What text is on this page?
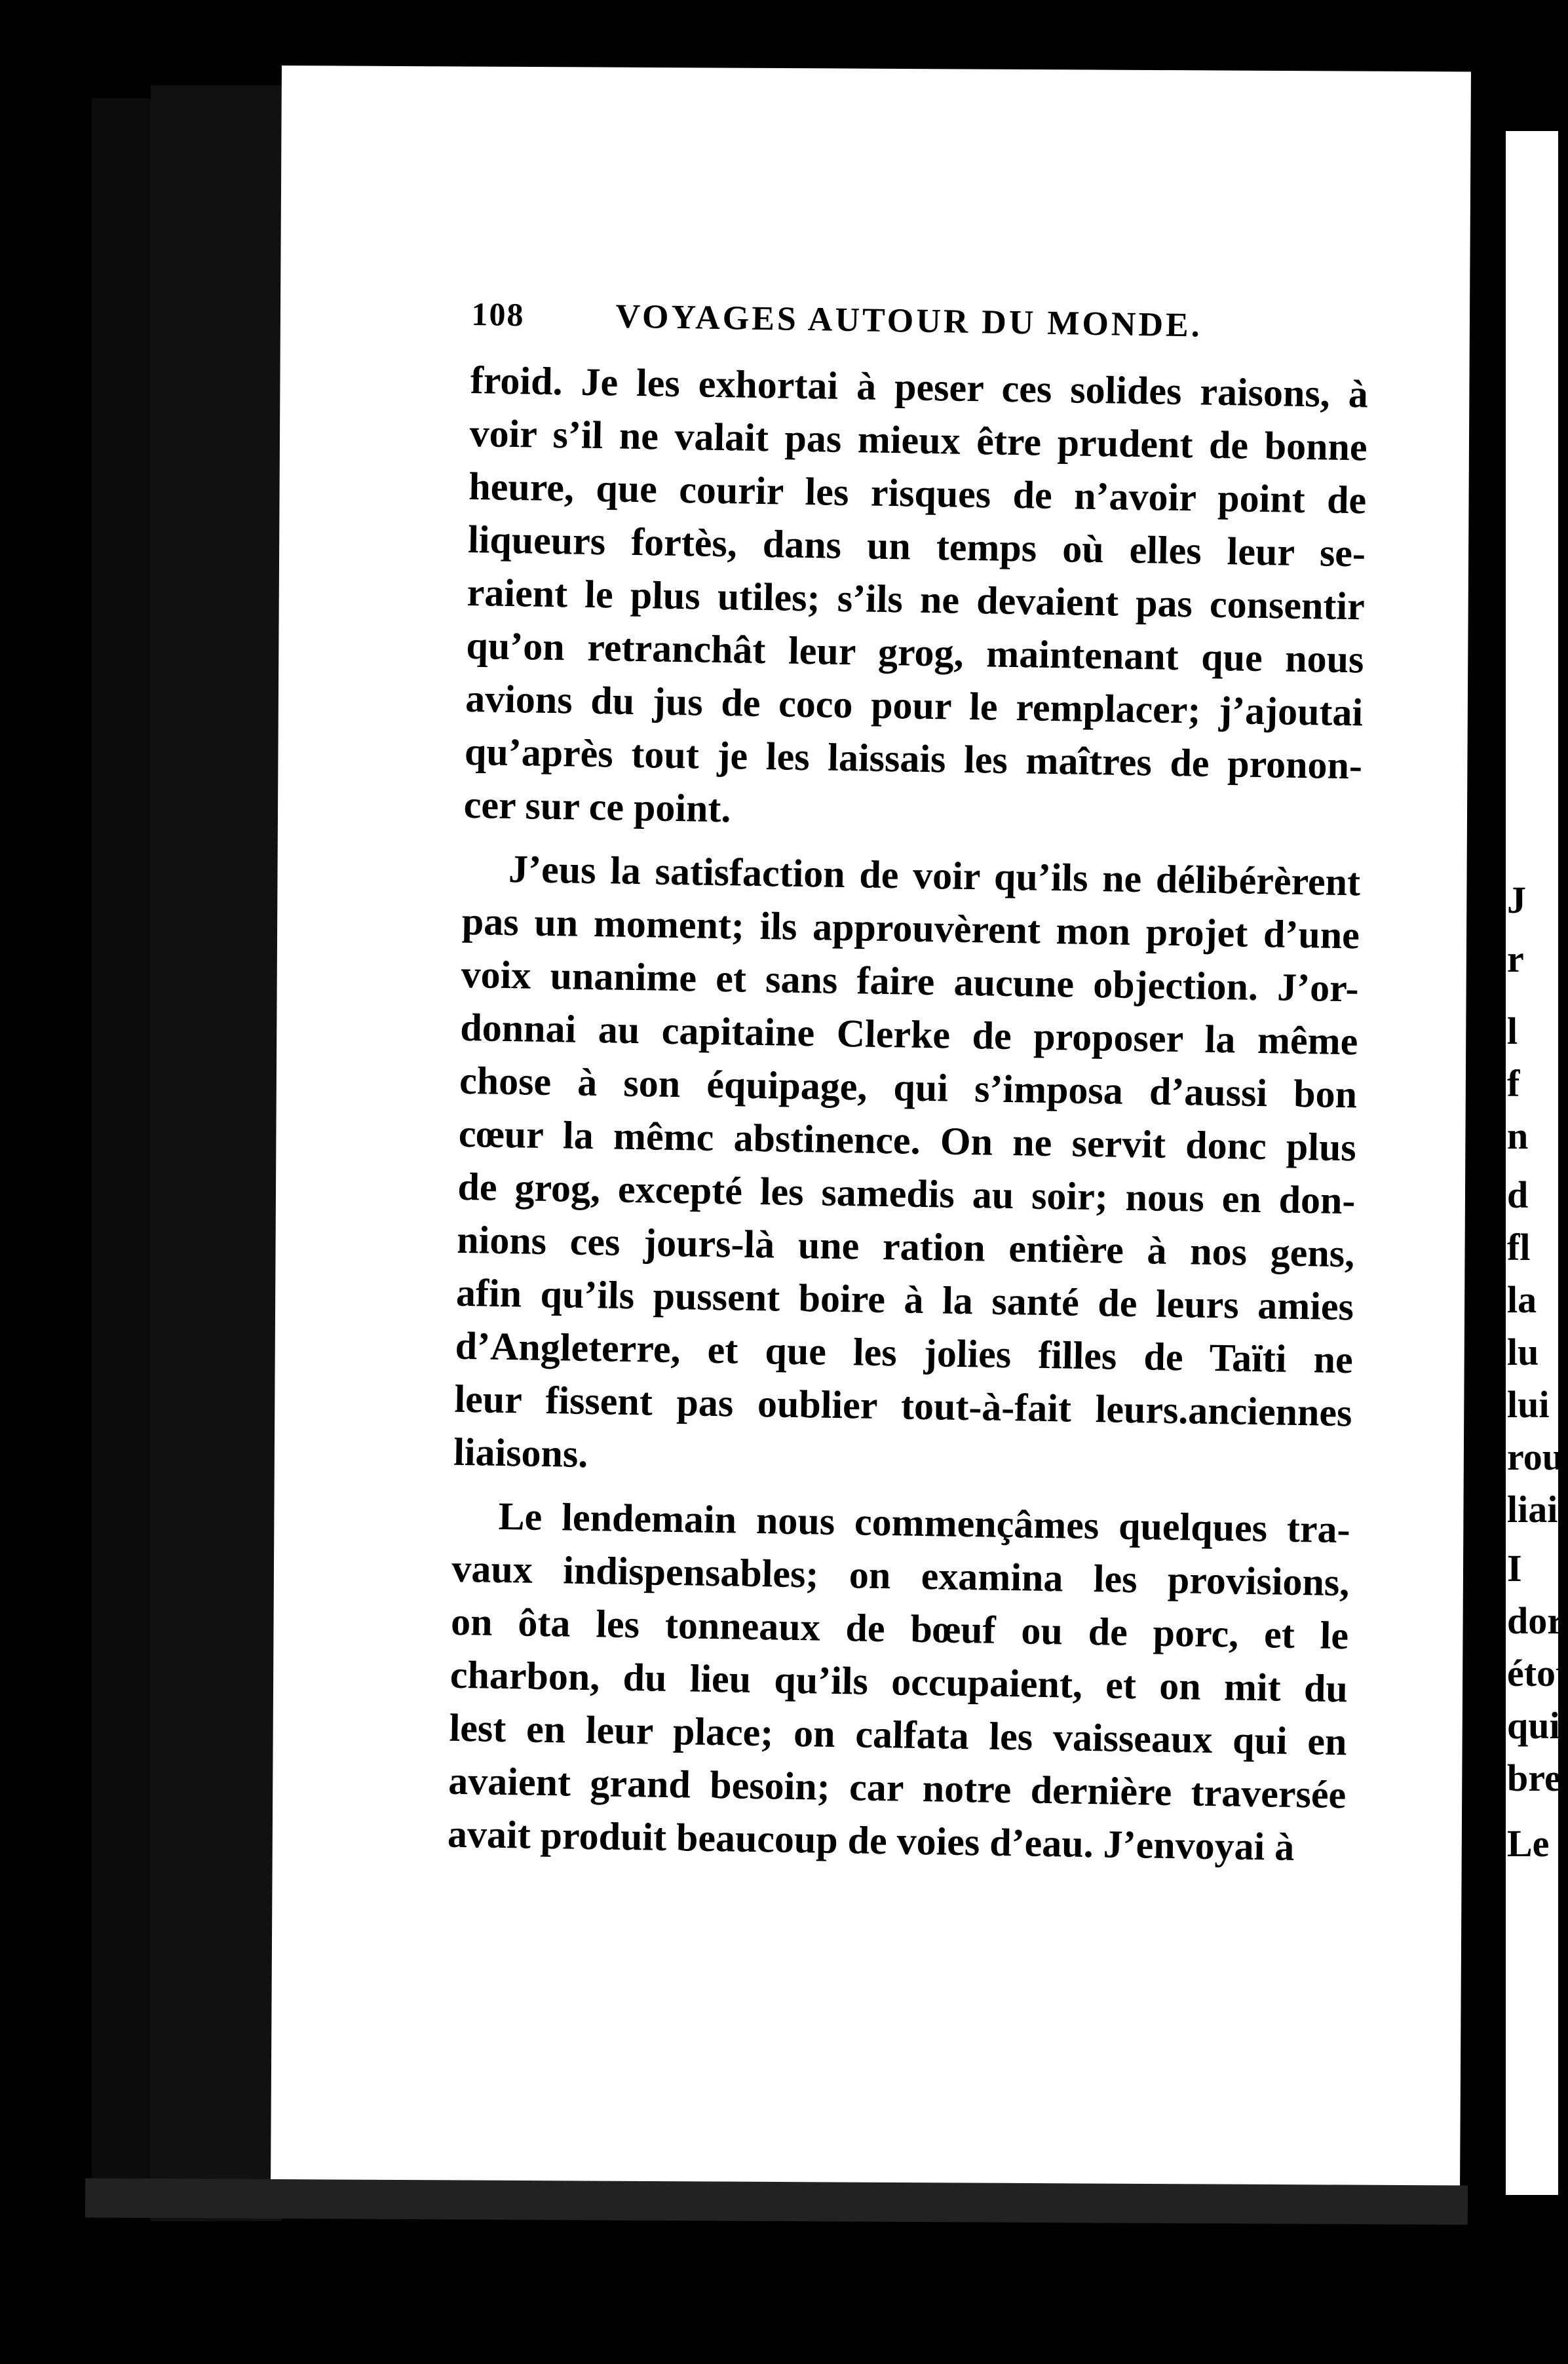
108	VOYAGES AUTOUR DU MONDE.
froid. Je les exhortai à peser ces solides raisons, à
voir s’il ne valait pas mieux être prudent de bonne
heure, que courir les risques de n’avoir point de
liqueurs fortès, dans un temps où elles leur se-
raient le plus utiles; s’ils ne devaient pas consentir
qu’on retranchât leur grog, maintenant que nous
avions du jus de coco pour le remplacer; j’ajoutai
qu’après tout je les laissais les maîtres de pronon-
cer sur ce point.
J’eus la satisfaction de voir qu’ils ne délibérèrent
pas un moment; ils approuvèrent mon projet d’une
voix unanime et sans faire aucune objection. J’or-
donnai au capitaine Clerke de proposer la même
chose à son équipage, qui s’imposa d’aussi bon
cœur la mêmc abstinence. On ne servit donc plus
de grog, excepté les samedis au soir; nous en don-
nions ces jours-là une ration entière à nos gens,
afin qu’ils pussent boire à la santé de leurs amies
d’Angleterre, et que les jolies filles de Taïti ne
leur fissent pas oublier tout-à-fait leurs.anciennes
liaisons.
Le lendemain nous commençâmes quelques tra-
vaux indispensables; on examina les provisions,
on ôta les tonneaux de bœuf ou de porc, et le
charbon, du lieu qu’ils occupaient, et on mit du
lest en leur place; on calfata les vaisseaux qui en
avaient grand besoin; car notre dernière traversée
avait produit beaucoup de voies d’eau. J’envoyai à
J
r
l
f
n
d
fl
la
lu
lui
rou
liai
I
dor
étot
qui
bre
Le
